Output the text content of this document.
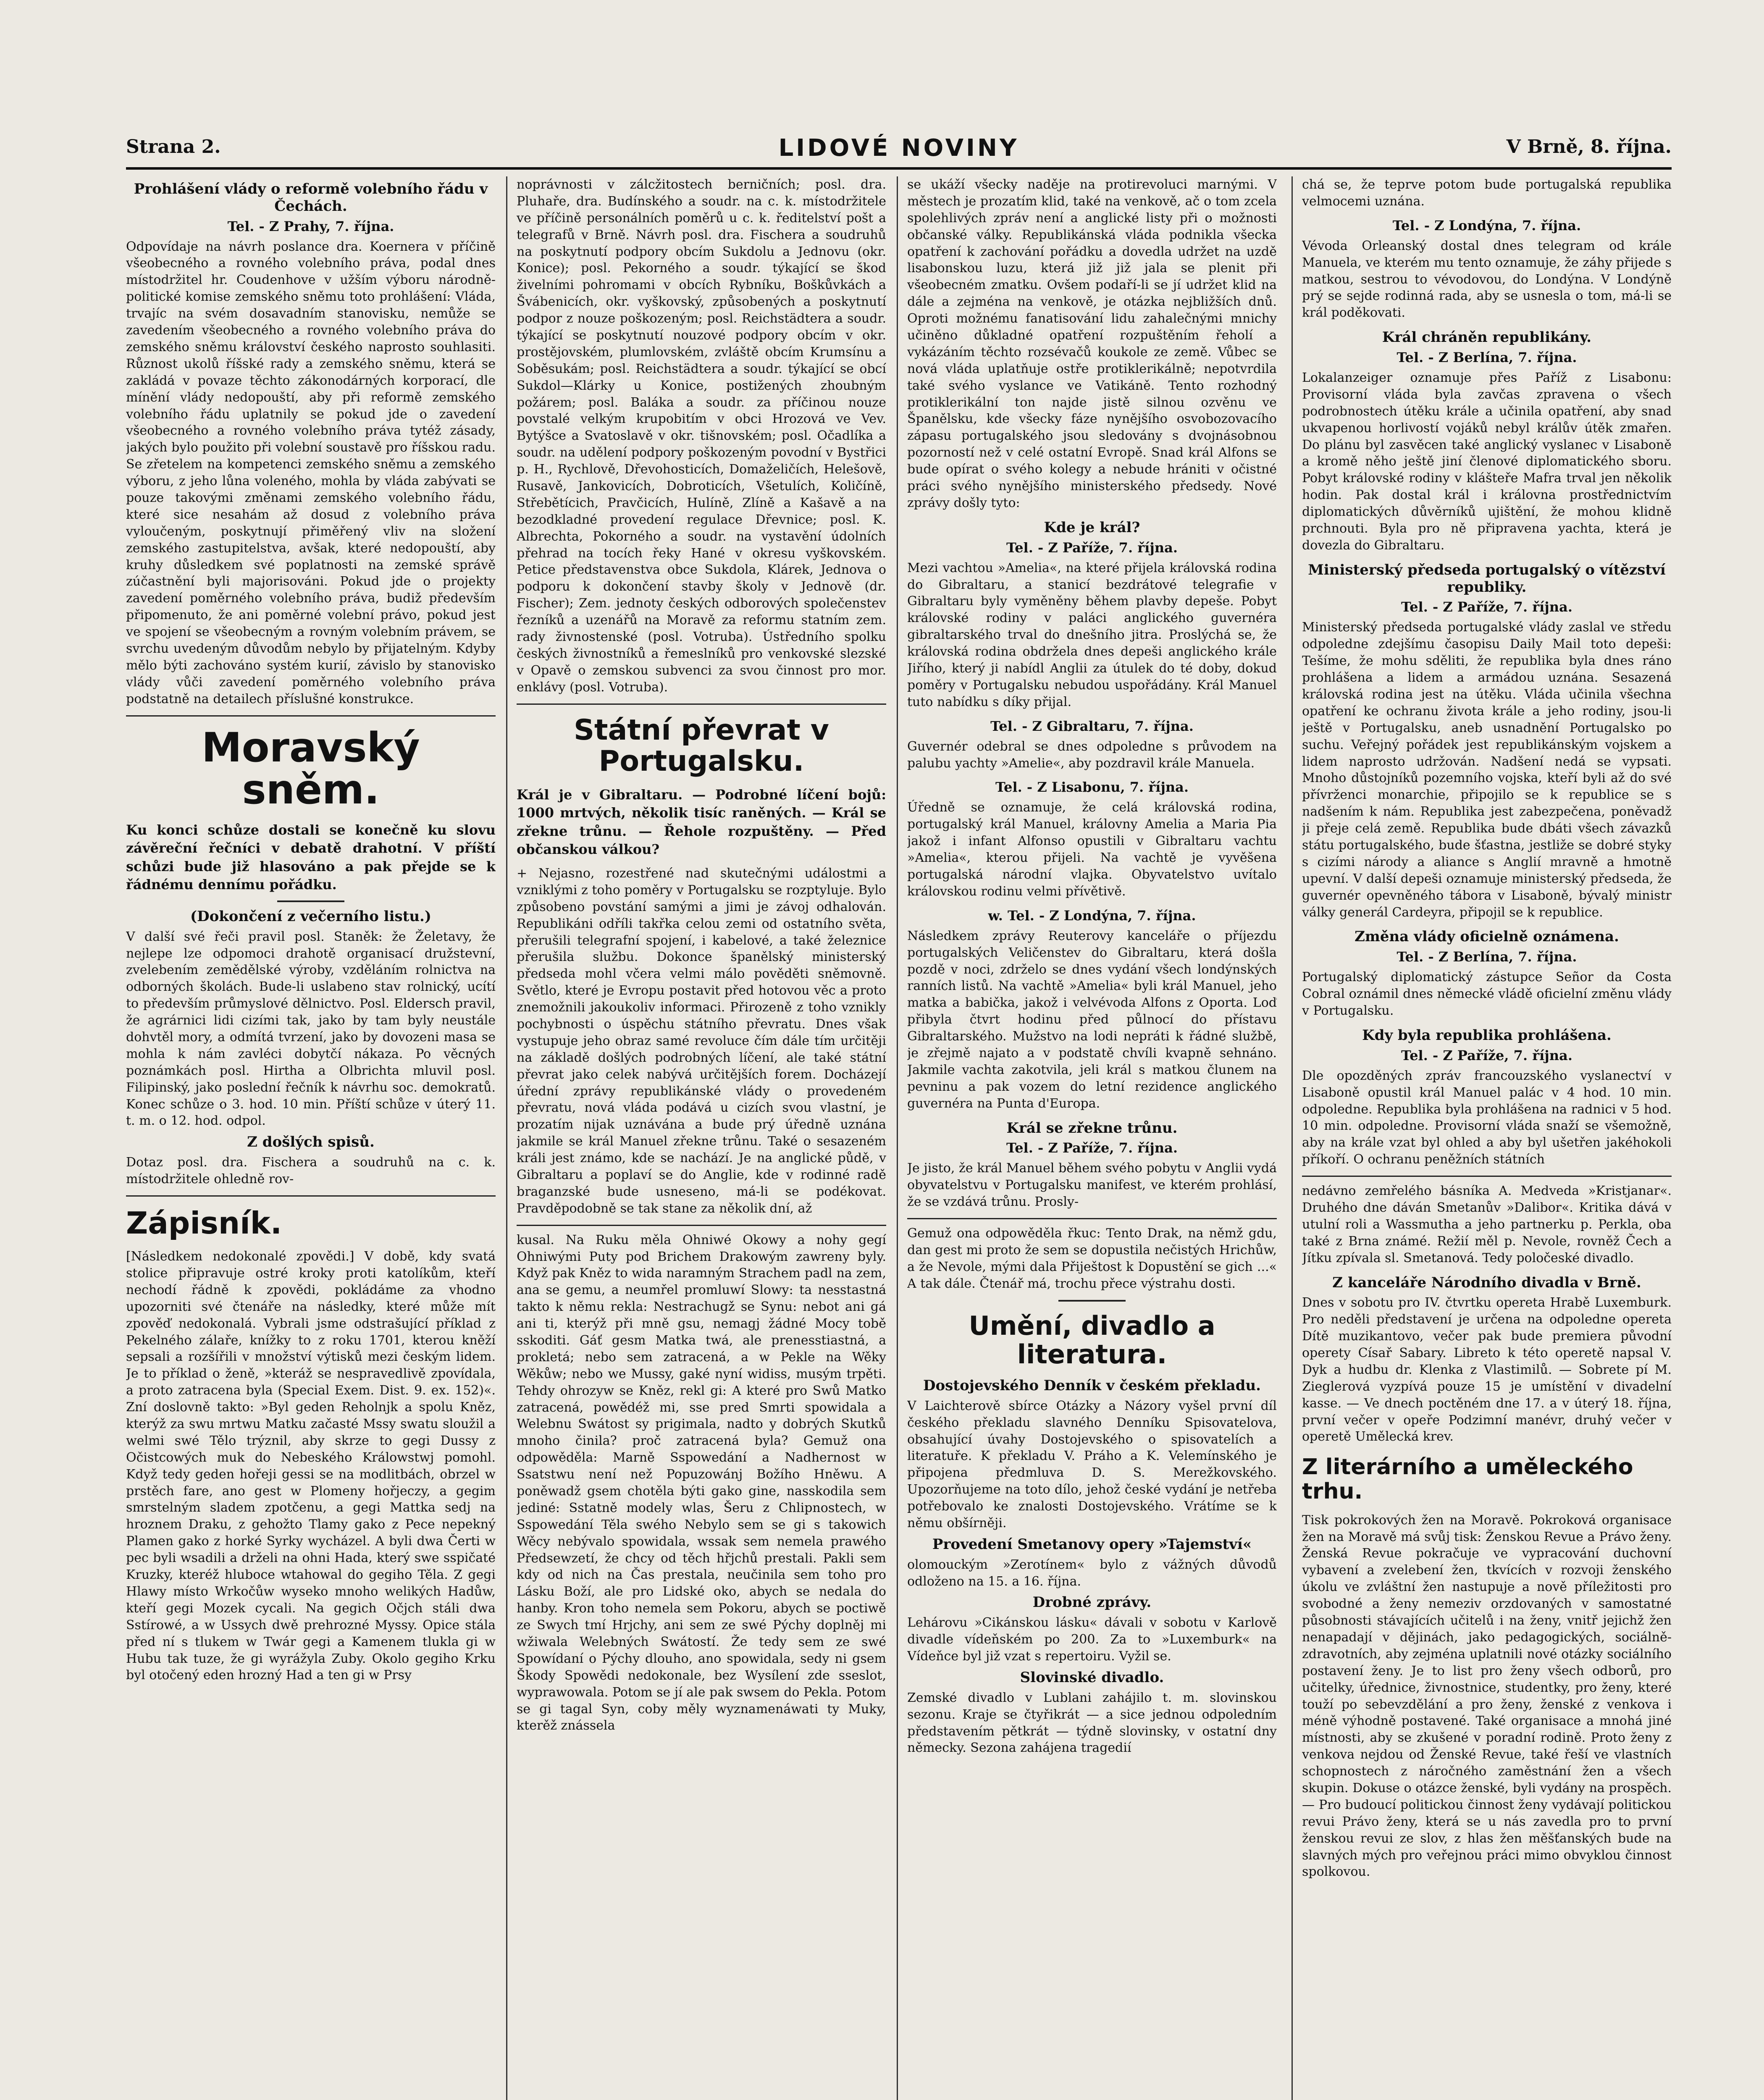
Strana 2.	LIDOVÉ NOVINY	V Brně, 8. října.
Prohlášení vlády o reformě volebního řádu v Čechách.
Tel. - Z Prahy, 7. října.

Odpovídaje na návrh poslance dra. Koernera v příčině všeobecného a rovného volebního práva, podal dnes místodržitel hr. Coudenhove v užším výboru národně-politické komise zemského sněmu toto prohlášení: Vláda, trvajíc na svém dosavadním stanovisku, nemůže se zavedením všeobecného a rovného volebního práva do zemského sněmu království českého naprosto souhlasiti. Různost ukolů říšské rady a zemského sněmu, která se zakládá v povaze těchto zákonodárných korporací, dle mínění vlády nedopouští, aby při reformě zemského volebního řádu uplatnily se pokud jde o zavedení všeobecného a rovného volebního práva tytéž zásady, jakých bylo použito při volební soustavě pro říšskou radu. Se zřetelem na kompetenci zemského sněmu a zemského výboru, z jeho lůna voleného, mohla by vláda zabývati se pouze takovými změnami zemského volebního řádu, které sice nesahám až dosud z volebního práva vyloučeným, poskytnují přiměřený vliv na složení zemského zastupitelstva, avšak, které nedopouští, aby kruhy důsledkem své poplatnosti na zemské správě zúčastnění byli majorisováni. Pokud jde o projekty zavedení poměrného volebního práva, budiž především připomenuto, že ani poměrné volební právo, pokud jest ve spojení se všeobecným a rovným volebním právem, se svrchu uvedeným důvodům nebylo by přijatelným. Kdyby mělo býti zachováno systém kurií, závislo by stanovisko vlády vůči zavedení poměrného volebního práva podstatně na detailech příslušné konstrukce.

Moravský sněm.
Ku konci schůze dostali se konečně ku slovu závěreční řečníci v debatě drahotní. V příští schůzi bude již hlasováno a pak přejde se k řádnému dennímu pořádku.
(Dokončení z večerního listu.)

V další své řeči pravil posl. Staněk: že Želetavy, že nejlepe lze odpomoci drahotě organisací družstevní, zvelebením zemědělské výroby, vzděláním rolnictva na odborných školách. Bude-li uslabeno stav rolnický, ucítí to především průmyslové dělnictvo. Posl. Eldersch pravil, že agrárnici lidi cizími tak, jako by tam byly neustále dohvtěl mory, a odmítá tvrzení, jako by dovozeni masa se mohla k nám zavléci dobytčí nákaza. Po věcných poznámkách posl. Hirtha a Olbrichta mluvil posl. Filipinský, jako poslední řečník k návrhu soc. demokratů. Konec schůze o 3. hod. 10 min. Příští schůze v úterý 11. t. m. o 12. hod. odpol.

Z došlých spisů.

Dotaz posl. dra. Fischera a soudruhů na c. k. místodržitele ohledně rov-

Zápisník.

[Následkem nedokonalé zpovědi.] V době, kdy svatá stolice připravuje ostré kroky proti katolíkům, kteří nechodí řádně k zpovědi, pokládáme za vhodno upozorniti své čtenáře na následky, které může mít zpověď nedokonalá. Vybrali jsme odstrašující příklad z Pekelného zálaře, knížky to z roku 1701, kterou kněží sepsali a rozšířili v množství výtisků mezi českým lidem. Je to příklad o ženě, »kteráž se nespravedlivě zpovídala, a proto zatracena byla (Special Exem. Dist. 9. ex. 152)«. Zní doslovně takto: »Byl geden Reholnjk a spolu Kněz, kterýž za swu mrtwu Matku začasté Mssy swatu sloužil a welmi swé Tělo trýznil, aby skrze to gegi Dussy z Očistcowých muk do Nebeského Králowstwj pomohl. Když tedy geden hořeji gessi se na modlitbách, obrzel w prstěch fare, ano gest w Plomeny hořjeczy, a gegim smrstelným sladem zpotčenu, a gegi Mattka sedj na hroznem Draku, z gehožto Tlamy gako z Pece nepekný Plamen gako z horké Syrky wycházel. A byli dwa Čerti w pec byli wsadili a drželi na ohni Hada, který swe sspičaté Kruzky, kteréž hluboce wtahowal do gegiho Těla. Z gegi Hlawy místo Wrkočůw wyseko mnoho welikých Hadůw, kteří gegi Mozek cycali. Na gegich Očjch stáli dwa Sstírowé, a w Ussych dwě prehrozné Myssy. Opice stála před ní s tlukem w Twár gegi a Kamenem tlukla gi w Hubu tak tuze, že gi wyrážyla Zuby. Okolo gegiho Krku byl otočený eden hrozný Had a ten gi w Prsy

noprávnosti v zálcžitostech berničních; posl. dra. Pluhaře, dra. Budínského a soudr. na c. k. místodržitele ve příčině personálních poměrů u c. k. ředitelství pošt a telegrafů v Brně. Návrh posl. dra. Fischera a soudruhů na poskytnutí podpory obcím Sukdolu a Jednovu (okr. Konice); posl. Pekorného a soudr. týkající se škod živelními pohromami v obcích Rybníku, Boškůvkách a Švábenicích, okr. vyškovský, způsobených a poskytnutí podpor z nouze poškozeným; posl. Reichstädtera a soudr. týkající se poskytnutí nouzové podpory obcím v okr. prostějovském, plumlovském, zvláště obcím Krumsínu a Soběsukám; posl. Reichstädtera a soudr. týkající se obcí Sukdol—Klárky u Konice, postižených zhoubným požárem; posl. Baláka a soudr. za příčinou nouze povstalé velkým krupobitím v obci Hrozová ve Vev. Bytýšce a Svatoslavě v okr. tišnovském; posl. Očadlíka a soudr. na udělení podpory poškozeným povodní v Bystřici p. H., Rychlově, Dřevohosticích, Domaželičích, Helešově, Rusavě, Jankovicích, Dobroticích, Všetulích, Količíně, Střebětícich, Pravčicích, Hulíně, Zlíně a Kašavě a na bezodkladné provedení regulace Dřevnice; posl. K. Albrechta, Pokorného a soudr. na vystavění údolních přehrad na tocích řeky Hané v okresu vyškovském. Petice představenstva obce Sukdola, Klárek, Jednova o podporu k dokončení stavby školy v Jednově (dr. Fischer); Zem. jednoty českých odborových společenstev řezníků a uzenářů na Moravě za reformu statním zem. rady živnostenské (posl. Votruba). Ústředního spolku českých živnostníků a řemeslníků pro venkovské slezské v Opavě o zemskou subvenci za svou činnost pro mor. enklávy (posl. Votruba).

Státní převrat v Portugalsku.
Král je v Gibraltaru. — Podrobné líčení bojů: 1000 mrtvých, několik tisíc raněných. — Král se zřekne trůnu. — Řehole rozpuštěny. — Před občanskou válkou?

+ Nejasno, rozestřené nad skutečnými událostmi a vzniklými z toho poměry v Portugalsku se rozptyluje. Bylo způsobeno povstání samými a jimi je závoj odhalován. Republikáni odříli takřka celou zemi od ostatního světa, přerušili telegrafní spojení, i kabelové, a také železnice přerušila službu. Dokonce španělský ministerský předseda mohl včera velmi málo pověděti sněmovně. Světlo, které je Evropu postavit před hotovou věc a proto znemožnili jakoukoliv informaci. Přirozeně z toho vznikly pochybnosti o úspěchu státního převratu. Dnes však vystupuje jeho obraz samé revoluce čím dále tím určitěji na základě došlých podrobných líčení, ale také státní převrat jako celek nabývá určitějších forem. Docházejí úřední zprávy republikánské vlády o provedeném převratu, nová vláda podává u cizích svou vlastní, je prozatím nijak uznávána a bude prý úředně uznána jakmile se král Manuel zřekne trůnu. Také o sesazeném králi jest známo, kde se nachází. Je na anglické půdě, v Gibraltaru a poplaví se do Anglie, kde v rodinné radě braganzské bude usneseno, má-li se podékovat. Pravděpodobně se tak stane za několik dní, až

kusal. Na Ruku měla Ohniwé Okowy a nohy gegí Ohniwými Puty pod Brichem Drakowým zawreny byly. Když pak Kněz to wida naramným Strachem padl na zem, ana se gemu, a neumřel promluwí Slowy: ta nesstastná takto k němu rekla: Nestrachugž se Synu: nebot ani gá ani ti, kterýž při mně gsu, nemagj žádné Mocy tobě sskoditi. Gáť gesm Matka twá, ale prenesstiastná, a prokletá; nebo sem zatracená, a w Pekle na Wěky Wěkůw; nebo we Mussy, gaké nyní widiss, musým trpěti. Tehdy ohrozyw se Kněz, rekl gi: A které pro Swů Matko zatracená, powědéž mi, sse pred Smrti spowidala a Welebnu Swátost sy prigimala, nadto y dobrých Skutků mnoho činila? proč zatracená byla? Gemuž ona odpowěděla: Marně Sspowedání a Nadhernost w Ssatstwu není než Popuzowánj Božího Hněwu. A poněwadž gsem chotěla býti gako gine, nasskodila sem jediné: Sstatně modely wlas, Šeru z Chlipnostech, w Sspowedání Těla swého Nebylo sem se gi s takowich Wěcy nebývalo spowidala, wssak sem nemela prawého Předsewzetí, že chcy od těch hřjchů prestali. Pakli sem kdy od nich na Čas prestala, neučinila sem toho pro Lásku Boží, ale pro Lidské oko, abych se nedala do hanby. Kron toho nemela sem Pokoru, abych se poctiwě ze Swych tmí Hrjchy, ani sem ze swé Pýchy doplněj mi wžiwala Welebných Swátostí. Že tedy sem ze swé Spowídaní o Pýchy dlouho, ano spowidala, sedy ni gsem Škody Spowědi nedokonale, bez Wysílení zde sseslot, wyprawowala. Potom se jí ale pak swsem do Pekla. Potom se gi tagal Syn, coby měly wyznamenáwati ty Muky, kterěž znássela

se ukáží všecky naděje na protirevoluci marnými. V městech je prozatím klid, také na venkově, ač o tom zcela spolehlivých zpráv není a anglické listy při o možnosti občanské války. Republikánská vláda podnikla všecka opatření k zachování pořádku a dovedla udržet na uzdě lisabonskou luzu, která již již jala se plenit při všeobecném zmatku. Ovšem podaří-li se jí udržet klid na dále a zejména na venkově, je otázka nejbližších dnů. Oproti možnému fanatisování lidu zahalečnými mnichy učiněno důkladné opatření rozpuštěním řeholí a vykázáním těchto rozsévačů koukole ze země. Vůbec se nová vláda uplatňuje ostře protiklerikálně; nepotvrdila také svého vyslance ve Vatikáně. Tento rozhodný protiklerikální ton najde jistě silnou ozvěnu ve Španělsku, kde všecky fáze nynějšího osvobozovacího zápasu portugalského jsou sledovány s dvojnásobnou pozorností než v celé ostatní Evropě. Snad král Alfons se bude opírat o svého kolegy a nebude hrániti v očistné práci svého nynějšího ministerského předsedy. Nové zprávy došly tyto:

Kde je král?
Tel. - Z Paříže, 7. října.

Mezi vachtou »Amelia«, na které přijela královská rodina do Gibraltaru, a stanicí bezdrátové telegrafie v Gibraltaru byly vyměněny během plavby depeše. Pobyt královské rodiny v paláci anglického guvernéra gibraltarského trval do dnešního jitra. Proslýchá se, že královská rodina obdržela dnes depeši anglického krále Jiřího, který ji nabídl Anglii za útulek do té doby, dokud poměry v Portugalsku nebudou uspořádány. Král Manuel tuto nabídku s díky přijal.

Tel. - Z Gibraltaru, 7. října.

Guvernér odebral se dnes odpoledne s průvodem na palubu yachty »Amelie«, aby pozdravil krále Manuela.

Tel. - Z Lisabonu, 7. října.

Úředně se oznamuje, že celá královská rodina, portugalský král Manuel, královny Amelia a Maria Pia jakož i infant Alfonso opustili v Gibraltaru vachtu »Amelia«, kterou přijeli. Na vachtě je vyvěšena portugalská národní vlajka. Obyvatelstvo uvítalo královskou rodinu velmi přívětivě.

w. Tel. - Z Londýna, 7. října.

Následkem zprávy Reuterovy kanceláře o příjezdu portugalských Veličenstev do Gibraltaru, která došla pozdě v noci, zdrželo se dnes vydání všech londýnských ranních listů. Na vachtě »Amelia« byli král Manuel, jeho matka a babička, jakož i velvévoda Alfons z Oporta. Loď přibyla čtvrt hodinu před půlnocí do přístavu Gibraltarského. Mužstvo na lodi nepráti k řádné službě, je zřejmě najato a v podstatě chvíli kvapně sehnáno. Jakmile vachta zakotvila, jeli král s matkou člunem na pevninu a pak vozem do letní rezidence anglického guvernéra na Punta d'Europa.

Král se zřekne trůnu.
Tel. - Z Paříže, 7. října.

Je jisto, že král Manuel během svého pobytu v Anglii vydá obyvatelstvu v Portugalsku manifest, ve kterém prohlásí, že se vzdává trůnu. Prosly-

Gemuž ona odpowěděla řkuc: Tento Drak, na němž gdu, dan gest mi proto že sem se dopustila nečistých Hrichůw, a že Nevole, mými dala Přiještost k Dopustění se gich ...« A tak dále. Čtenář má, trochu přece výstrahu dosti.

Umění, divadlo a literatura.
Dostojevského Denník v českém překladu.

V Laichterově sbírce Otázky a Názory vyšel první díl českého překladu slavného Denníku Spisovatelova, obsahující úvahy Dostojevského o spisovatelích a literatuře. K překladu V. Práho a K. Velemínského je připojena předmluva D. S. Merežkovského. Upozorňujeme na toto dílo, jehož české vydání je netřeba potřebovalo ke znalosti Dostojevského. Vrátíme se k němu obšírněji.

Provedení Smetanovy opery »Tajemství«

olomouckým »Zerotínem« bylo z vážných důvodů odloženo na 15. a 16. října.

Drobné zprávy.

Lehárovu »Cikánskou lásku« dávali v sobotu v Karlově divadle vídeňském po 200. Za to »Luxemburk« na Vídeňce byl již vzat s repertoiru. Vyžil se.

Slovinské divadlo.

Zemské divadlo v Lublani zahájilo t. m. slovinskou sezonu. Kraje se čtyřikrát — a sice jednou odpoledním představením pětkrát — týdně slovinsky, v ostatní dny německy. Sezona zahájena tragedií

chá se, že teprve potom bude portugalská republika velmocemi uznána.

Tel. - Z Londýna, 7. října.

Vévoda Orleanský dostal dnes telegram od krále Manuela, ve kterém mu tento oznamuje, že záhy přijede s matkou, sestrou to vévodovou, do Londýna. V Londýně prý se sejde rodinná rada, aby se usnesla o tom, má-li se král poděkovati.

Král chráněn republikány.
Tel. - Z Berlína, 7. října.

Lokalanzeiger oznamuje přes Paříž z Lisabonu: Provisorní vláda byla zavčas zpravena o všech podrobnostech útěku krále a učinila opatření, aby snad ukvapenou horlivostí vojáků nebyl králův útěk zmařen. Do plánu byl zasvěcen také anglický vyslanec v Lisaboně a kromě něho ještě jiní členové diplomatického sboru. Pobyt královské rodiny v klášteře Mafra trval jen několik hodin. Pak dostal král i královna prostřednictvím diplomatických důvěrníků ujištění, že mohou klidně prchnouti. Byla pro ně připravena yachta, která je dovezla do Gibraltaru.

Ministerský předseda portugalský o vítězství republiky.
Tel. - Z Paříže, 7. října.

Ministerský předseda portugalské vlády zaslal ve středu odpoledne zdejšímu časopisu Daily Mail toto depeši: Tešíme, že mohu sděliti, že republika byla dnes ráno prohlášena a lidem a armádou uznána. Sesazená královská rodina jest na útěku. Vláda učinila všechna opatření ke ochranu života krále a jeho rodiny, jsou-li ještě v Portugalsku, aneb usnadnění Portugalsko po suchu. Veřejný pořádek jest republikánským vojskem a lidem naprosto udržován. Nadšení nedá se vypsati. Mnoho důstojníků pozemního vojska, kteří byli až do své přívrženci monarchie, připojilo se k republice se s nadšením k nám. Republika jest zabezpečena, poněvadž ji přeje celá země. Republika bude dbáti všech závazků státu portugalského, bude šťastna, jestliže se dobré styky s cizími národy a aliance s Anglií mravně a hmotně upevní. V další depeši oznamuje ministerský předseda, že guvernér opevněného tábora v Lisaboně, bývalý ministr války generál Cardeyra, připojil se k republice.

Změna vlády oficielně oznámena.
Tel. - Z Berlína, 7. října.

Portugalský diplomatický zástupce Señor da Costa Cobral oznámil dnes německé vládě oficielní změnu vlády v Portugalsku.

Kdy byla republika prohlášena.
Tel. - Z Paříže, 7. října.

Dle opozděných zpráv francouzského vyslanectví v Lisaboně opustil král Manuel palác v 4 hod. 10 min. odpoledne. Republika byla prohlášena na radnici v 5 hod. 10 min. odpoledne. Provisorní vláda snaží se všemožně, aby na krále vzat byl ohled a aby byl ušetřen jakéhokoli příkoří. O ochranu peněžních státních

nedávno zemřelého básníka A. Medveda »Kristjanar«. Druhého dne dáván Smetanův »Dalibor«. Kritika dává v utulní roli a Wassmutha a jeho partnerku p. Perkla, oba také z Brna známé. Režií měl p. Nevole, rovněž Čech a Jítku zpívala sl. Smetanová. Tedy poločeské divadlo.

Z kanceláře Národního divadla v Brně.

Dnes v sobotu pro IV. čtvrtku opereta Hrabě Luxemburk. Pro neděli představení je určena na odpoledne opereta Dítě muzikantovo, večer pak bude premiera původní operety Císař Sabary. Libreto k této operetě napsal V. Dyk a hudbu dr. Klenka z Vlastimilů. — Sobrete pí M. Zieglerová vyzpívá pouze 15 je umístění v divadelní kasse. — Ve dnech poctěném dne 17. a v úterý 18. října, první večer v opeře Podzimní manévr, druhý večer v operetě Umělecká krev.

Z literárního a uměleckého trhu.

Tisk pokrokových žen na Moravě. Pokroková organisace žen na Moravě má svůj tisk: Ženskou Revue a Právo ženy. Ženská Revue pokračuje ve vypracování duchovní vybavení a zvelebení žen, tkvících v rozvoji ženského úkolu ve zvláštní žen nastupuje a nově příležitosti pro svobodné a ženy nemeziv orzdovaných v samostatné působnosti stávajících učitelů i na ženy, vnitř jejichž žen nenapadají v dějinách, jako pedagogických, sociálně-zdravotních, aby zejména uplatnili nové otázky sociálního postavení ženy. Je to list pro ženy všech odborů, pro učitelky, úřednice, živnostnice, studentky, pro ženy, které touží po sebevzdělání a pro ženy, ženské z venkova i méně výhodně postavené. Také organisace a mnohá jiné místnosti, aby se zkušené v poradní rodině. Proto ženy z venkova nejdou od Ženské Revue, také řeší ve vlastních schopnostech z náročného zaměstnání žen a všech skupin. Dokuse o otázce ženské, byli vydány na prospěch. — Pro budoucí politickou činnost ženy vydávají politickou revui Právo ženy, která se u nás zavedla pro to první ženskou revui ze slov, z hlas žen měšťanských bude na slavných mých pro veřejnou práci mimo obvyklou činnost spolkovou.
